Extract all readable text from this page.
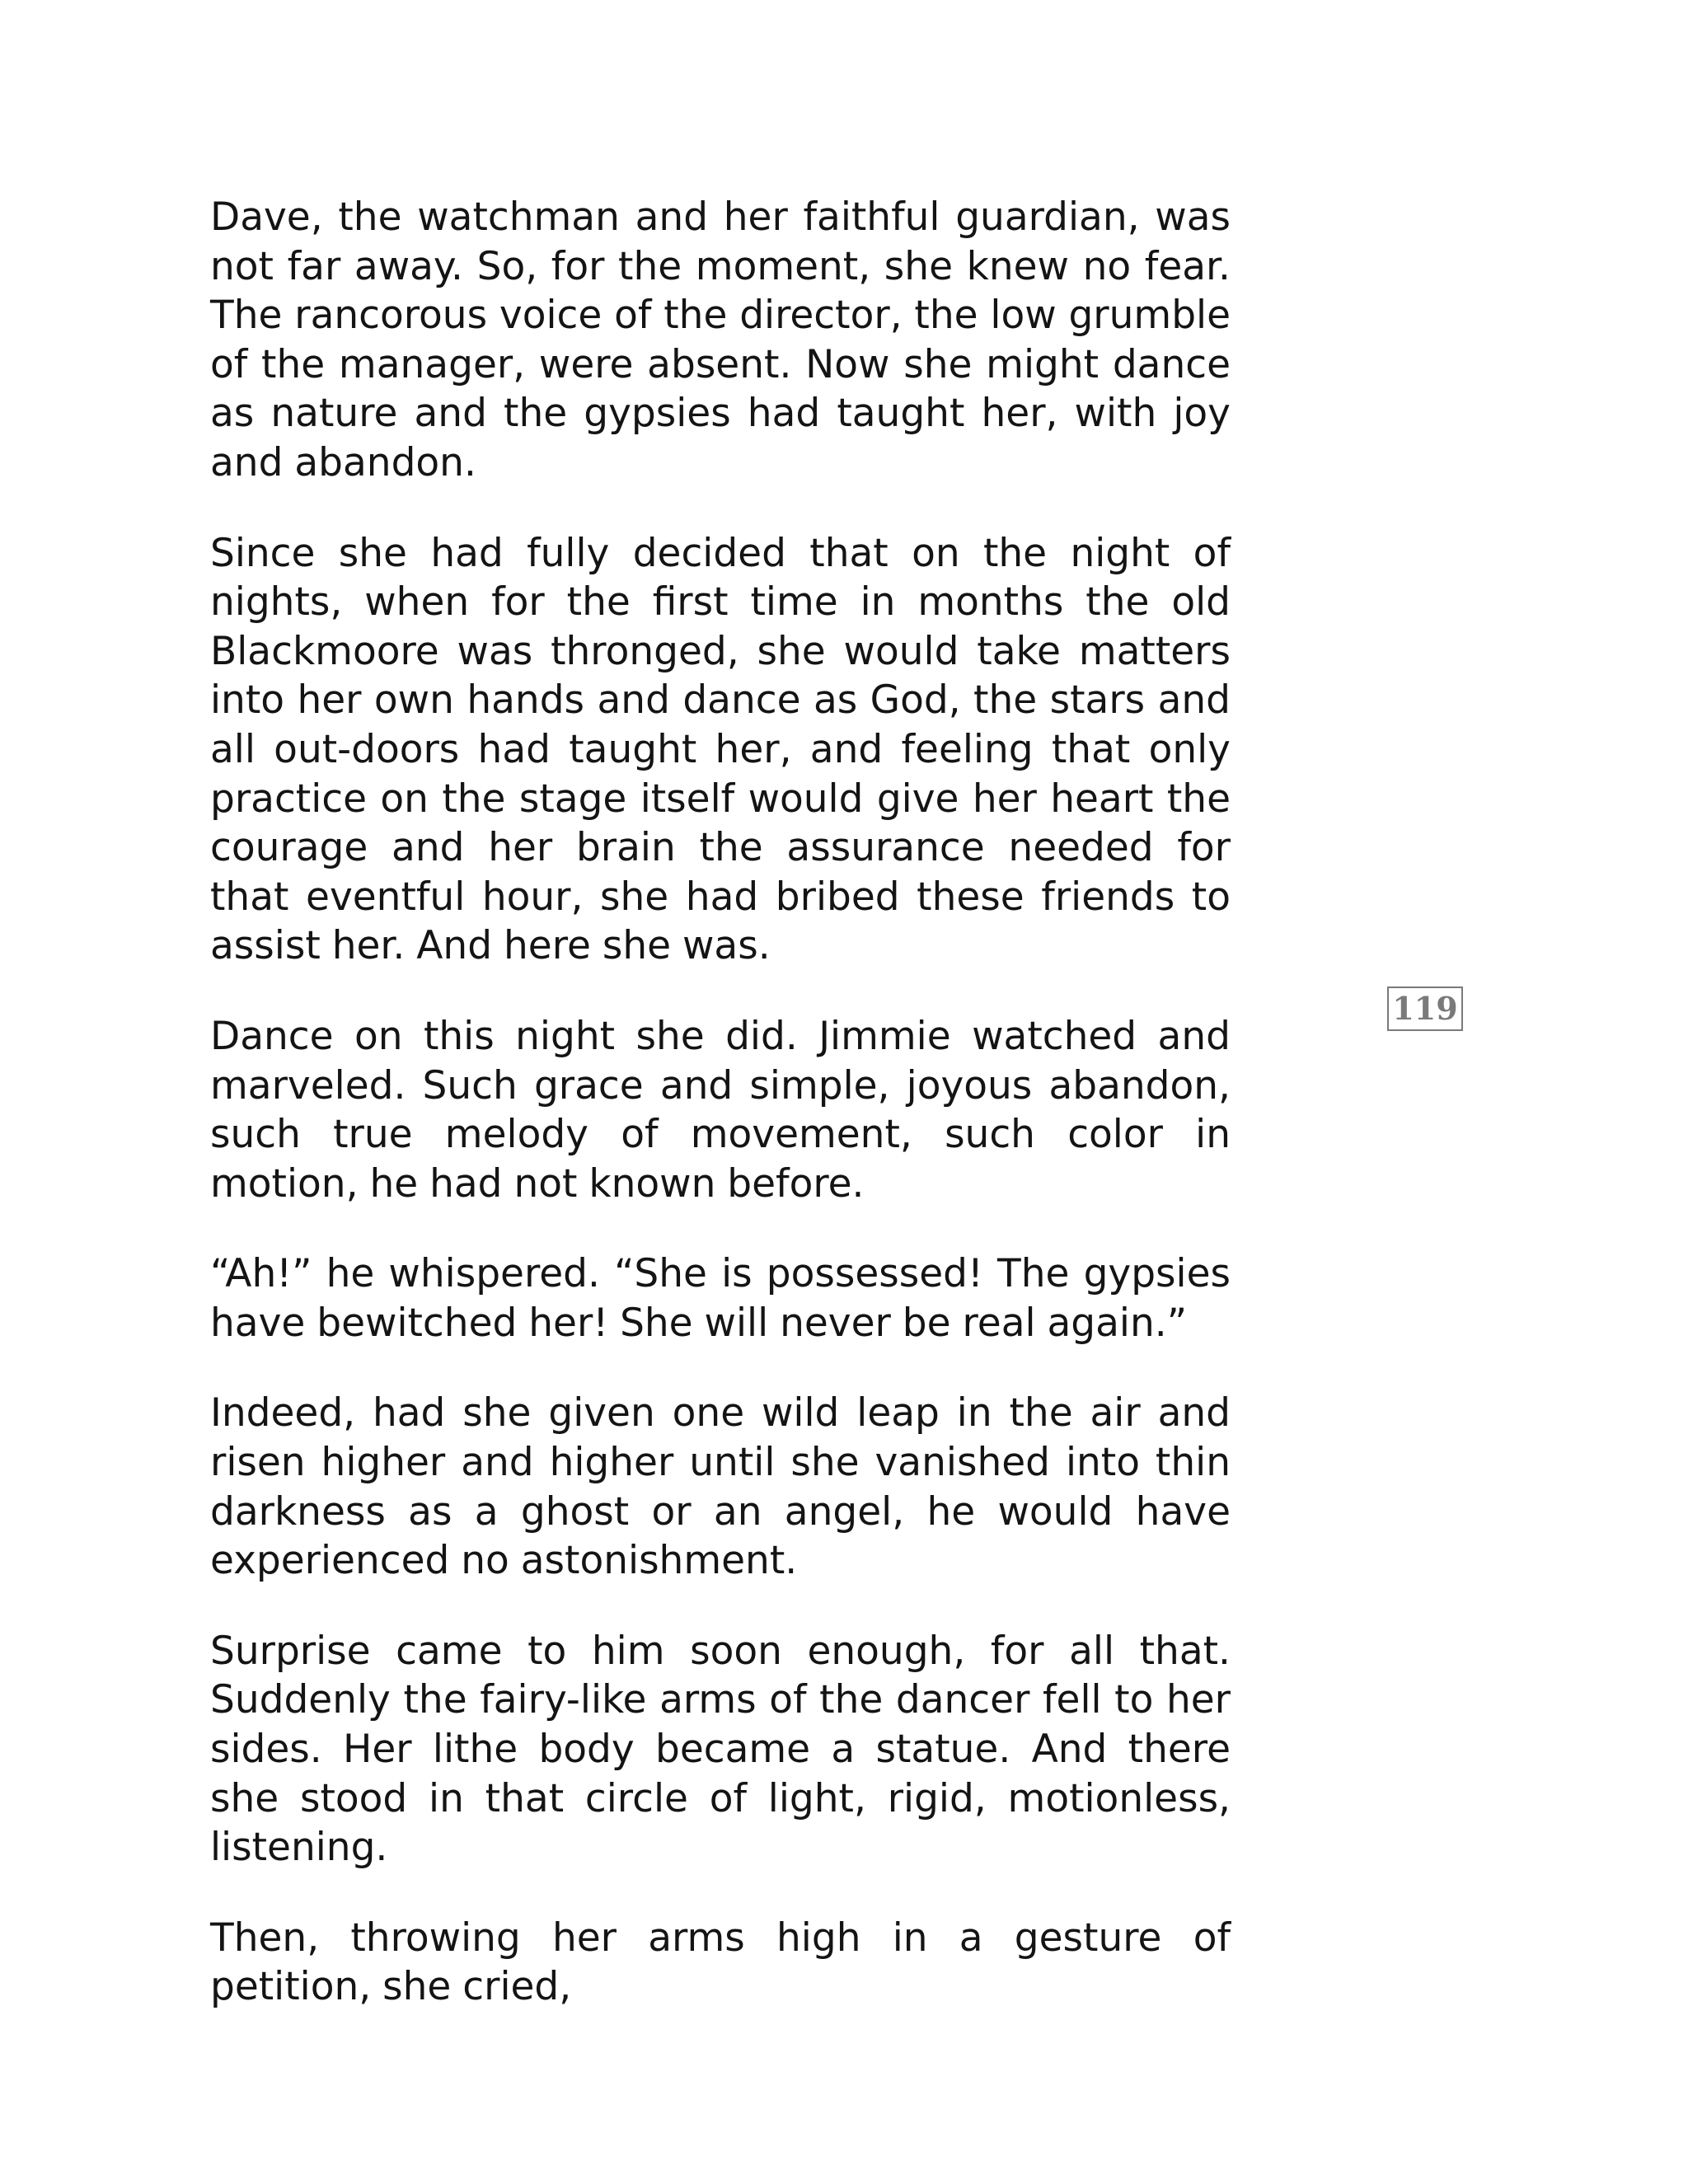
Dave, the watchman and her faithful guardian, was not far away. So, for the moment, she knew no fear. The rancorous voice of the director, the low grumble of the manager, were absent. Now she might dance as nature and the gypsies had taught her, with joy and abandon.

Since she had fully decided that on the night of nights, when for the first time in months the old Blackmoore was thronged, she would take matters into her own hands and dance as God, the stars and all out-doors had taught her, and feeling that only practice on the stage itself would give her heart the courage and her brain the assurance needed for that eventful hour, she had bribed these friends to assist her. And here she was.

Dance on this night she did. Jimmie watched and marveled. Such grace and simple, joyous abandon, such true melody of movement, such color in motion, he had not known before.

“Ah!” he whispered. “She is possessed! The gypsies have bewitched her! She will never be real again.”

Indeed, had she given one wild leap in the air and risen higher and higher until she vanished into thin darkness as a ghost or an angel, he would have experienced no astonishment.

Surprise came to him soon enough, for all that. Suddenly the fairy-like arms of the dancer fell to her sides. Her lithe body became a statue. And there she stood in that circle of light, rigid, motionless, listening.

Then, throwing her arms high in a gesture of petition, she cried,

119
